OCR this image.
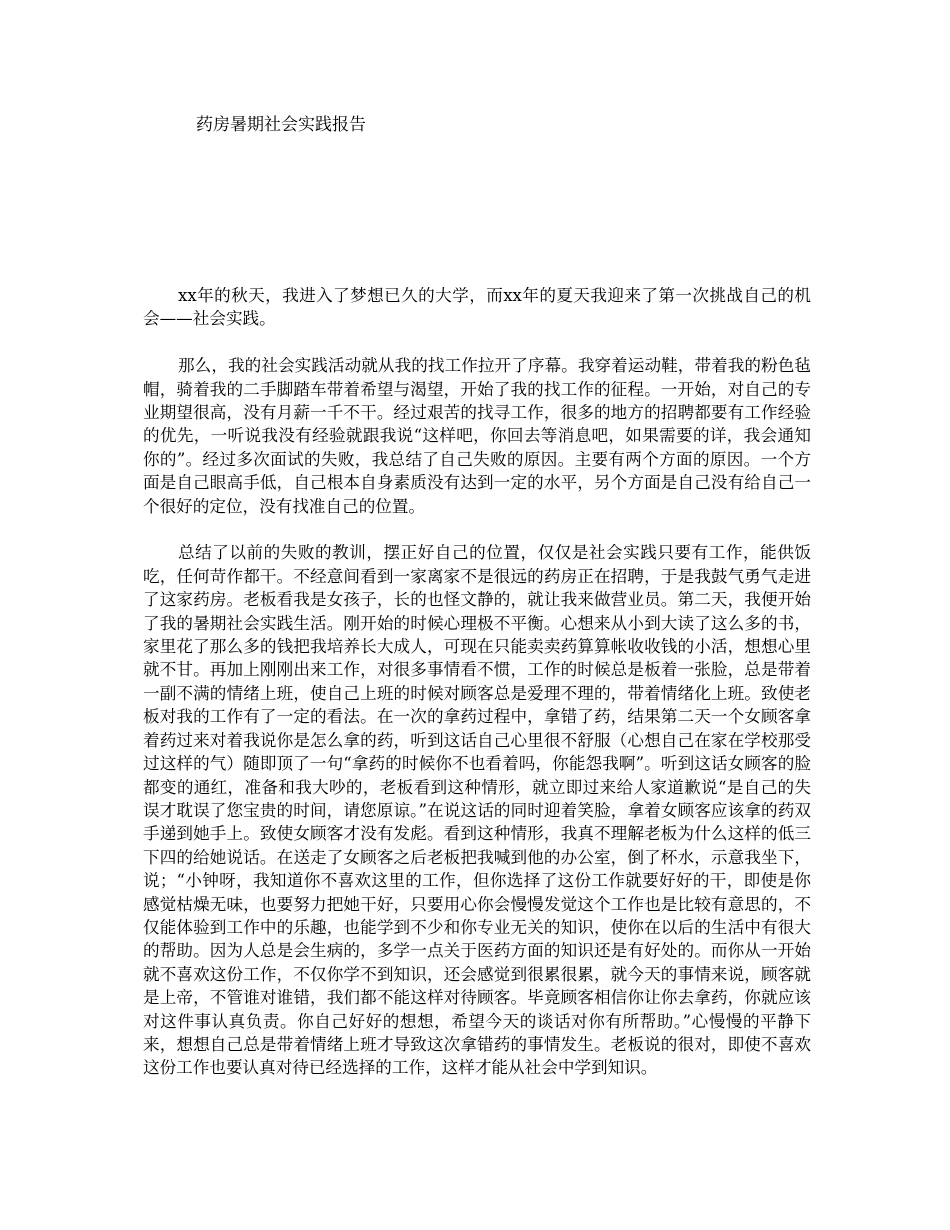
药房暑期社会实践报告

xx年的秋天，我进入了梦想已久的大学，而xx年的夏天我迎来了第一次挑战自己的机会——社会实践。

那么，我的社会实践活动就从我的找工作拉开了序幕。我穿着运动鞋，带着我的粉色毡帽，骑着我的二手脚踏车带着希望与渴望，开始了我的找工作的征程。一开始，对自己的专业期望很高，没有月薪一千不干。经过艰苦的找寻工作，很多的地方的招聘都要有工作经验的优先，一听说我没有经验就跟我说“这样吧，你回去等消息吧，如果需要的详，我会通知你的”。经过多次面试的失败，我总结了自己失败的原因。主要有两个方面的原因。一个方面是自己眼高手低，自己根本自身素质没有达到一定的水平，另个方面是自己没有给自己一个很好的定位，没有找准自己的位置。

总结了以前的失败的教训，摆正好自己的位置，仅仅是社会实践只要有工作，能供饭吃，任何苛作都干。不经意间看到一家离家不是很远的药房正在招聘，于是我鼓气勇气走进了这家药房。老板看我是女孩子，长的也怪文静的，就让我来做营业员。第二天，我便开始了我的暑期社会实践生活。刚开始的时候心理极不平衡。心想来从小到大读了这么多的书，家里花了那么多的钱把我培养长大成人，可现在只能卖卖药算算帐收收钱的小活，想想心里就不甘。再加上刚刚出来工作，对很多事情看不惯，工作的时候总是板着一张脸，总是带着一副不满的情绪上班，使自己上班的时候对顾客总是爱理不理的，带着情绪化上班。致使老板对我的工作有了一定的看法。在一次的拿药过程中，拿错了药，结果第二天一个女顾客拿着药过来对着我说你是怎么拿的药，听到这话自己心里很不舒服（心想自己在家在学校那受过这样的气）随即顶了一句“拿药的时候你不也看着吗，你能怨我啊”。听到这话女顾客的脸都变的通红，准备和我大吵的，老板看到这种情形，就立即过来给人家道歉说“是自己的失误才耽误了您宝贵的时间，请您原谅。”在说这话的同时迎着笑脸，拿着女顾客应该拿的药双手递到她手上。致使女顾客才没有发彪。看到这种情形，我真不理解老板为什么这样的低三下四的给她说话。在送走了女顾客之后老板把我喊到他的办公室，倒了杯水，示意我坐下，说；“小钟呀，我知道你不喜欢这里的工作，但你选择了这份工作就要好好的干，即使是你感觉枯燥无味，也要努力把她干好，只要用心你会慢慢发觉这个工作也是比较有意思的，不仅能体验到工作中的乐趣，也能学到不少和你专业无关的知识，使你在以后的生活中有很大的帮助。因为人总是会生病的，多学一点关于医药方面的知识还是有好处的。而你从一开始就不喜欢这份工作，不仅你学不到知识，还会感觉到很累很累，就今天的事情来说，顾客就是上帝，不管谁对谁错，我们都不能这样对待顾客。毕竟顾客相信你让你去拿药，你就应该对这件事认真负责。你自己好好的想想，希望今天的谈话对你有所帮助。”心慢慢的平静下来，想想自己总是带着情绪上班才导致这次拿错药的事情发生。老板说的很对，即使不喜欢这份工作也要认真对待已经选择的工作，这样才能从社会中学到知识。
